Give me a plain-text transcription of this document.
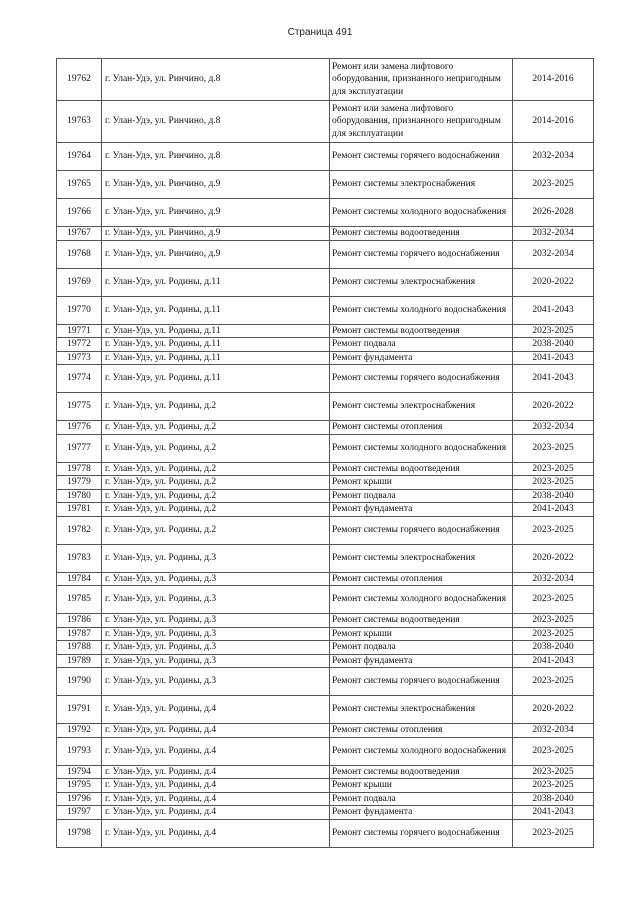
Страница 491
19762	г. Улан-Удэ, ул. Ринчино, д.8	Ремонт или замена лифтового оборудования, признанного непригодным для эксплуатации	2014-2016
19763	г. Улан-Удэ, ул. Ринчино, д.8	Ремонт или замена лифтового оборудования, признанного непригодным для эксплуатации	2014-2016
19764	г. Улан-Удэ, ул. Ринчино, д.8	Ремонт системы горячего водоснабжения	2032-2034
19765	г. Улан-Удэ, ул. Ринчино, д.9	Ремонт системы электроснабжения	2023-2025
19766	г. Улан-Удэ, ул. Ринчино, д.9	Ремонт системы холодного водоснабжения	2026-2028
19767	г. Улан-Удэ, ул. Ринчино, д.9	Ремонт системы водоотведения	2032-2034
19768	г. Улан-Удэ, ул. Ринчино, д.9	Ремонт системы горячего водоснабжения	2032-2034
19769	г. Улан-Удэ, ул. Родины, д.11	Ремонт системы электроснабжения	2020-2022
19770	г. Улан-Удэ, ул. Родины, д.11	Ремонт системы холодного водоснабжения	2041-2043
19771	г. Улан-Удэ, ул. Родины, д.11	Ремонт системы водоотведения	2023-2025
19772	г. Улан-Удэ, ул. Родины, д.11	Ремонт подвала	2038-2040
19773	г. Улан-Удэ, ул. Родины, д.11	Ремонт фундамента	2041-2043
19774	г. Улан-Удэ, ул. Родины, д.11	Ремонт системы горячего водоснабжения	2041-2043
19775	г. Улан-Удэ, ул. Родины, д.2	Ремонт системы электроснабжения	2020-2022
19776	г. Улан-Удэ, ул. Родины, д.2	Ремонт системы отопления	2032-2034
19777	г. Улан-Удэ, ул. Родины, д.2	Ремонт системы холодного водоснабжения	2023-2025
19778	г. Улан-Удэ, ул. Родины, д.2	Ремонт системы водоотведения	2023-2025
19779	г. Улан-Удэ, ул. Родины, д.2	Ремонт крыши	2023-2025
19780	г. Улан-Удэ, ул. Родины, д.2	Ремонт подвала	2038-2040
19781	г. Улан-Удэ, ул. Родины, д.2	Ремонт фундамента	2041-2043
19782	г. Улан-Удэ, ул. Родины, д.2	Ремонт системы горячего водоснабжения	2023-2025
19783	г. Улан-Удэ, ул. Родины, д.3	Ремонт системы электроснабжения	2020-2022
19784	г. Улан-Удэ, ул. Родины, д.3	Ремонт системы отопления	2032-2034
19785	г. Улан-Удэ, ул. Родины, д.3	Ремонт системы холодного водоснабжения	2023-2025
19786	г. Улан-Удэ, ул. Родины, д.3	Ремонт системы водоотведения	2023-2025
19787	г. Улан-Удэ, ул. Родины, д.3	Ремонт крыши	2023-2025
19788	г. Улан-Удэ, ул. Родины, д.3	Ремонт подвала	2038-2040
19789	г. Улан-Удэ, ул. Родины, д.3	Ремонт фундамента	2041-2043
19790	г. Улан-Удэ, ул. Родины, д.3	Ремонт системы горячего водоснабжения	2023-2025
19791	г. Улан-Удэ, ул. Родины, д.4	Ремонт системы электроснабжения	2020-2022
19792	г. Улан-Удэ, ул. Родины, д.4	Ремонт системы отопления	2032-2034
19793	г. Улан-Удэ, ул. Родины, д.4	Ремонт системы холодного водоснабжения	2023-2025
19794	г. Улан-Удэ, ул. Родины, д.4	Ремонт системы водоотведения	2023-2025
19795	г. Улан-Удэ, ул. Родины, д.4	Ремонт крыши	2023-2025
19796	г. Улан-Удэ, ул. Родины, д.4	Ремонт подвала	2038-2040
19797	г. Улан-Удэ, ул. Родины, д.4	Ремонт фундамента	2041-2043
19798	г. Улан-Удэ, ул. Родины, д.4	Ремонт системы горячего водоснабжения	2023-2025
